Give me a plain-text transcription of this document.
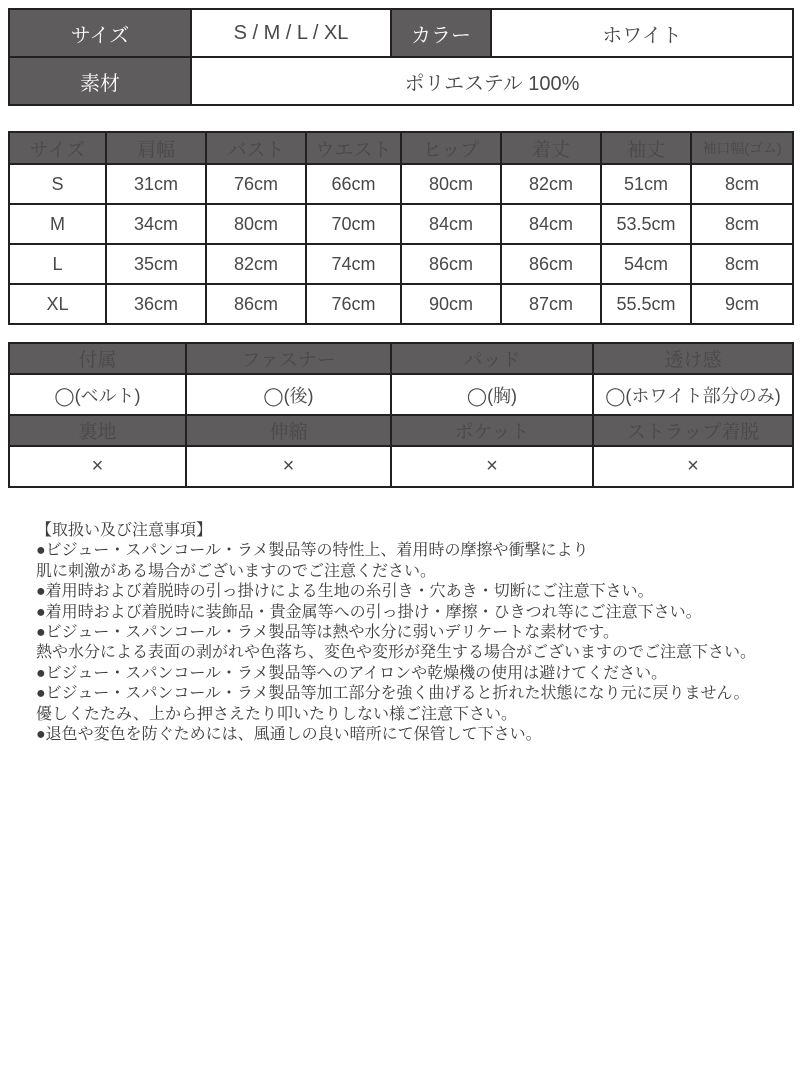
サイズ	S / M / L / XL	カラー	ホワイト
素材	ポリエステル 100%		
サイズ	肩幅	バスト	ウエスト	ヒップ	着丈	袖丈	袖口幅(ゴム)
S	31cm	76cm	66cm	80cm	82cm	51cm	8cm
M	34cm	80cm	70cm	84cm	84cm	53.5cm	8cm
L	35cm	82cm	74cm	86cm	86cm	54cm	8cm
XL	36cm	86cm	76cm	90cm	87cm	55.5cm	9cm
付属	ファスナー	パッド	透け感
◯(ベルト)	◯(後)	◯(胸)	◯(ホワイト部分のみ)
裏地	伸縮	ポケット	ストラップ着脱
×	×	×	×
【取扱い及び注意事項】
●ビジュー・スパンコール・ラメ製品等の特性上、着用時の摩擦や衝撃により
肌に刺激がある場合がございますのでご注意ください。
●着用時および着脱時の引っ掛けによる生地の糸引き・穴あき・切断にご注意下さい。
●着用時および着脱時に装飾品・貴金属等への引っ掛け・摩擦・ひきつれ等にご注意下さい。
●ビジュー・スパンコール・ラメ製品等は熱や水分に弱いデリケートな素材です。
熱や水分による表面の剥がれや色落ち、変色や変形が発生する場合がございますのでご注意下さい。
●ビジュー・スパンコール・ラメ製品等へのアイロンや乾燥機の使用は避けてください。
●ビジュー・スパンコール・ラメ製品等加工部分を強く曲げると折れた状態になり元に戻りません。
優しくたたみ、上から押さえたり叩いたりしない様ご注意下さい。
●退色や変色を防ぐためには、風通しの良い暗所にて保管して下さい。
